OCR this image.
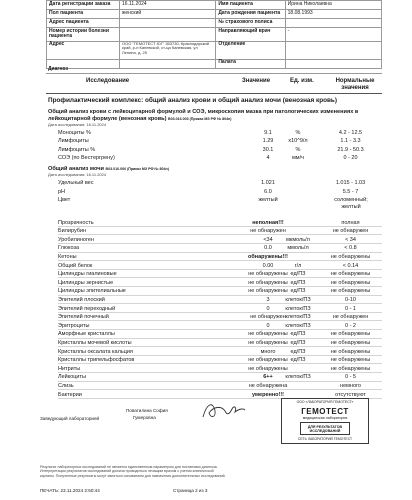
Дата регистрации заказа	16.11.2024	Имя пациента	Ирина Николаевна
Пол пациента	женский	Дата рождения пациента	18.08.1993
Адрес пациента		№ страхового полиса	
Номер истории болезни пациента		Направляющий врач	-
Адрес	ООО "ГЕМОТЕСТ ЮГ" 353730, Краснодарский край, р-н Каневской, ст-ца Каневская, ул Ленина, д. 25	Отделение	
		Палата	
Диагноз
Исследование	Значение	Ед. изм.	Нормальные значения
Профилактический комплекс: общий анализ крови и общий анализ мочи (венозная кровь)
Общий анализ крови с лейкоцитарной формулой и СОЭ, микроскопия мазка при патологических изменениях в
лейкоцитарной формуле (венозная кровь) B03.016.003 (Приказ МЗ РФ № 804н)
Дата исследования: 16.11.2024
Моноциты %	9.1	%	4.2 - 12.5
Лимфоциты	1.29	х10^9/л	1.1 - 3.3
Лимфоциты %	30.1	%	21.9 - 50.3
СОЭ (по Вестергрену)	4	мм/ч	0 - 20
Общий анализ мочи B03.016.006 (Приказ МЗ РФ № 804н)
Дата исследования: 16.11.2024
Удельный вес	1.021	1.015 - 1.03
pH	6.0	5.5 - 7
Цвет	желтый	соломенный; желтый
Прозрачность	неполная!!!	полная
Билирубин	не обнаружен	не обнаружен
Уробилиноген	<34	мкмоль/л	< 34
Глюкоза	0.0	ммоль/л	< 0.8
Кетоны	обнаружены!!!	не обнаружены
Общий белок	0.00	г/л	< 0.14
Цилиндры гиалиновые	не обнаружены ед/ПЗ	не обнаружены
Цилиндры зернистые	не обнаружены ед/ПЗ	не обнаружены
Цилиндры эпителиальные	не обнаружены ед/ПЗ	не обнаружены
Эпителий плоский	3	клеток/ПЗ	0-10
Эпителий переходный	0	клеток/ПЗ	0 - 1
Эпителий почечный	не обнаружен клеток/ПЗ	не обнаружен
Эритроциты	0	клеток/ПЗ	0 - 2
Аморфные кристаллы	не обнаружены ед/ПЗ	не обнаружены
Кристаллы мочевой кислоты	не обнаружены ед/ПЗ	не обнаружены
Кристаллы оксалата кальция	много	ед/ПЗ	не обнаружены
Кристаллы трипельфосфатов	не обнаружены ед/ПЗ	не обнаружены
Нитриты	не обнаружены	не обнаружены
Лейкоциты	6++	клеток/ПЗ	0 - 5
Слизь	не обнаружена	немного
Бактерии	умеренно!!!	отсутствуют
Заведующий лабораторией
Поватилина София
Гумеровна
ООО «ЛАБОРАТОРИЯ ГЕМОТЕСТ»
ГЕМОТЕСТ
медицинская лаборатория
ДЛЯ РЕЗУЛЬТАТОВ
ИССЛЕДОВАНИЙ
СЕТЬ ЛАБОРАТОРИЙ ГЕМОТЕСТ
Результат лабораторных исследований не является единственным параметром для постановки диагноза.
Интерпретация результатов исследований должна проводиться лечащим врачом с учетом клинической
картины. Полученные результаты могут являться основанием для назначения дополнительных исследований.
ПЕЧАТЬ: 23.11.2024 2:50:44	Страница 2 из 3
